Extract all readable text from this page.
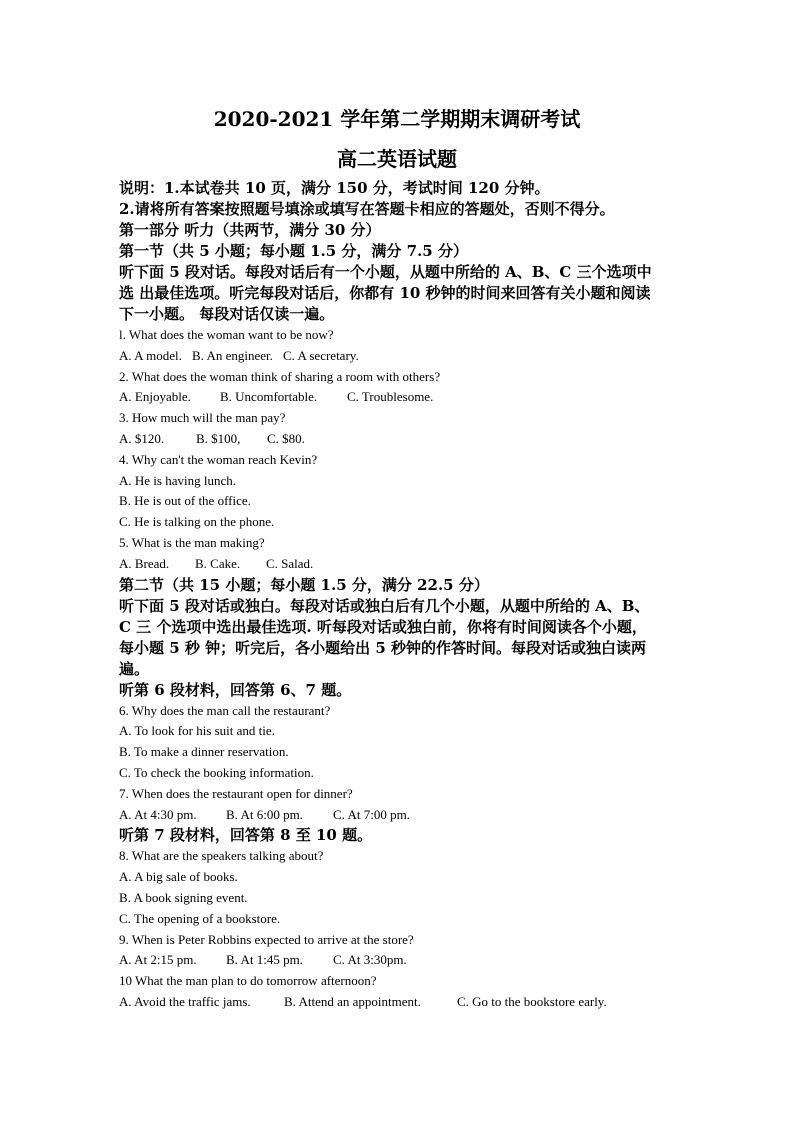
2020-2021 学年第二学期期末调研考试
高二英语试题

说明：1.本试卷共 10 页，满分 150 分，考试时间 120 分钟。

2.请将所有答案按照题号填涂或填写在答题卡相应的答题处，否则不得分。

第一部分 听力（共两节，满分 30 分）

第一节（共 5 小题；每小题 1.5 分，满分 7.5 分）

听下面 5 段对话。每段对话后有一个小题，从题中所给的 A、B、C 三个选项中

选 出最佳选项。听完每段对话后，你都有 10 秒钟的时间来回答有关小题和阅读

下一小题。 每段对话仅读一遍。

l. What does the woman want to be now?

A. A model. B. An engineer. C. A secretary.

2. What does the woman think of sharing a room with others?

A. Enjoyable. B. Uncomfortable. C. Troublesome.

3. How much will the man pay?

A. $120. B. $100, C. $80.

4. Why can't the woman reach Kevin?

A. He is having lunch.

B. He is out of the office.

C. He is talking on the phone.

5. What is the man making?

A. Bread. B. Cake. C. Salad.

第二节（共 15 小题；每小题 1.5 分，满分 22.5 分）

听下面 5 段对话或独白。每段对话或独白后有几个小题，从题中所给的 A、B、

C 三 个选项中选出最佳选项. 听每段对话或独白前，你将有时间阅读各个小题，

每小题 5 秒 钟；听完后，各小题给出 5 秒钟的作答时间。每段对话或独白读两

遍。

听第 6 段材料，回答第 6、7 题。

6. Why does the man call the restaurant?

A. To look for his suit and tie.

B. To make a dinner reservation.

C. To check the booking information.

7. When does the restaurant open for dinner?

A. At 4:30 pm. B. At 6:00 pm. C. At 7:00 pm.

听第 7 段材料，回答第 8 至 10 题。

8. What are the speakers talking about?

A. A big sale of books.

B. A book signing event.

C. The opening of a bookstore.

9. When is Peter Robbins expected to arrive at the store?

A. At 2:15 pm. B. At 1:45 pm. C. At 3:30pm.

10 What the man plan to do tomorrow afternoon?

A. Avoid the traffic jams.	B. Attend an appointment.	C. Go to the bookstore early.
